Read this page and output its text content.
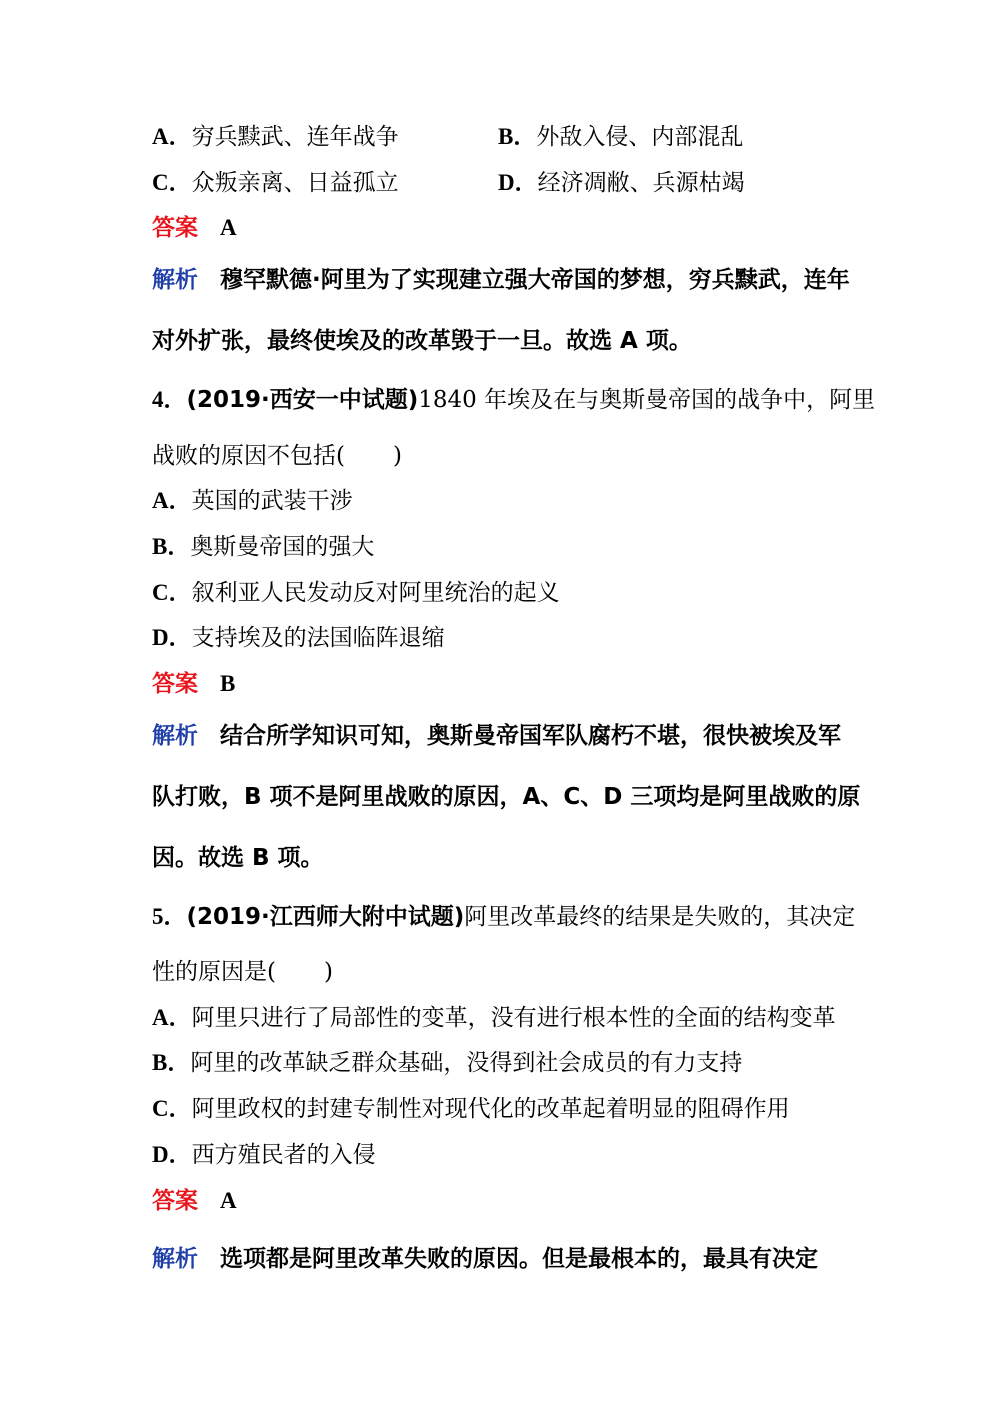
A．穷兵黩武、连年战争	B．外敌入侵、内部混乱
C．众叛亲离、日益孤立	D．经济凋敝、兵源枯竭
答案 A
解析 穆罕默德·阿里为了实现建立强大帝国的梦想，穷兵黩武，连年
对外扩张，最终使埃及的改革毁于一旦。故选 A 项。
4．(2019·西安一中试题)1840 年埃及在与奥斯曼帝国的战争中，阿里
战败的原因不包括( )
A．英国的武装干涉
B．奥斯曼帝国的强大
C．叙利亚人民发动反对阿里统治的起义
D．支持埃及的法国临阵退缩
答案 B
解析 结合所学知识可知，奥斯曼帝国军队腐朽不堪，很快被埃及军
队打败，B 项不是阿里战败的原因，A、C、D 三项均是阿里战败的原
因。故选 B 项。
5．(2019·江西师大附中试题)阿里改革最终的结果是失败的，其决定
性的原因是( )
A．阿里只进行了局部性的变革，没有进行根本性的全面的结构变革
B．阿里的改革缺乏群众基础，没得到社会成员的有力支持
C．阿里政权的封建专制性对现代化的改革起着明显的阻碍作用
D．西方殖民者的入侵
答案 A
解析 选项都是阿里改革失败的原因。但是最根本的，最具有决定
